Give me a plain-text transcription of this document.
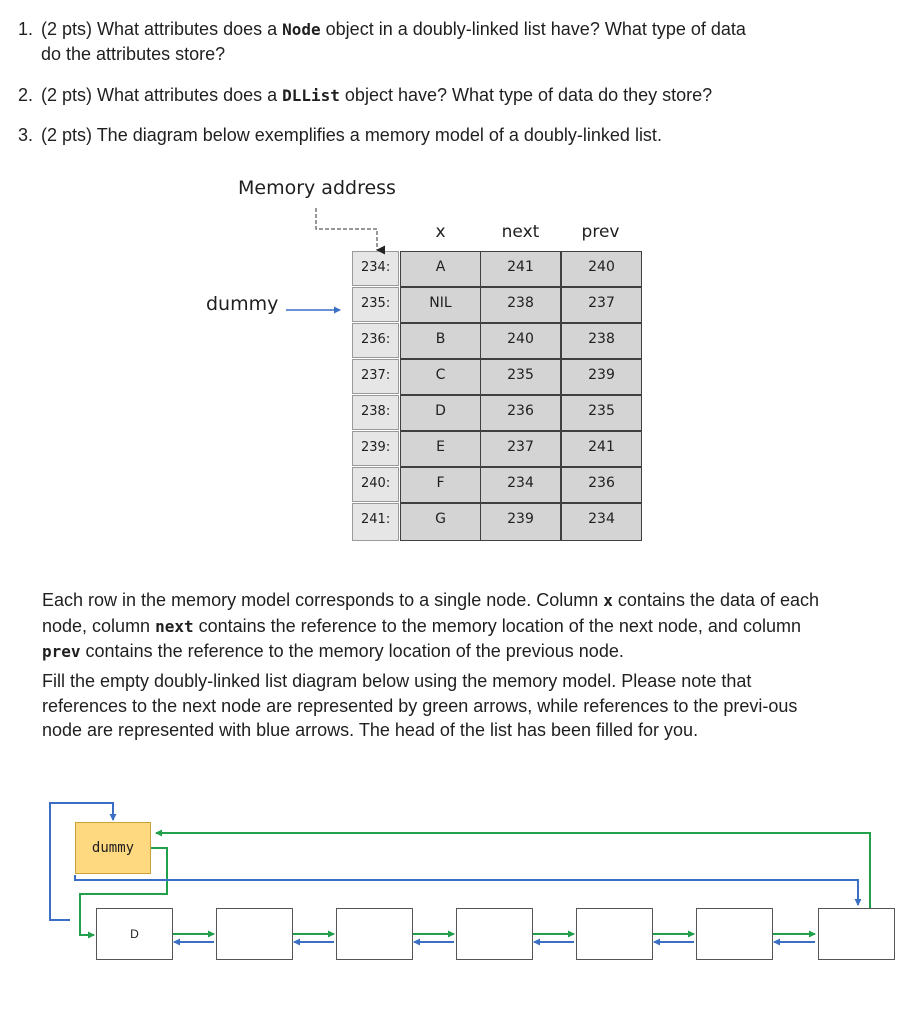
1. (2 pts) What attributes does a Node object in a doubly-linked list have? What type of data
do the attributes store?
2. (2 pts) What attributes does a DLList object have? What type of data do they store?
3. (2 pts) The diagram below exemplifies a memory model of a doubly-linked list.
Memory address
dummy
x	next	prev
234:	A	241	240
235:	NIL	238	237
236:	B	240	238
237:	C	235	239
238:	D	236	235
239:	E	237	241
240:	F	234	236
241:	G	239	234

Each row in the memory model corresponds to a single node. Column x contains the data of each node, column next contains the reference to the memory location of the next node, and column prev contains the reference to the memory location of the previous node.

Fill the empty doubly-linked list diagram below using the memory model. Please note that references to the next node are represented by green arrows, while references to the previ-ous node are represented with blue arrows. The head of the list has been filled for you.

dummy
D
